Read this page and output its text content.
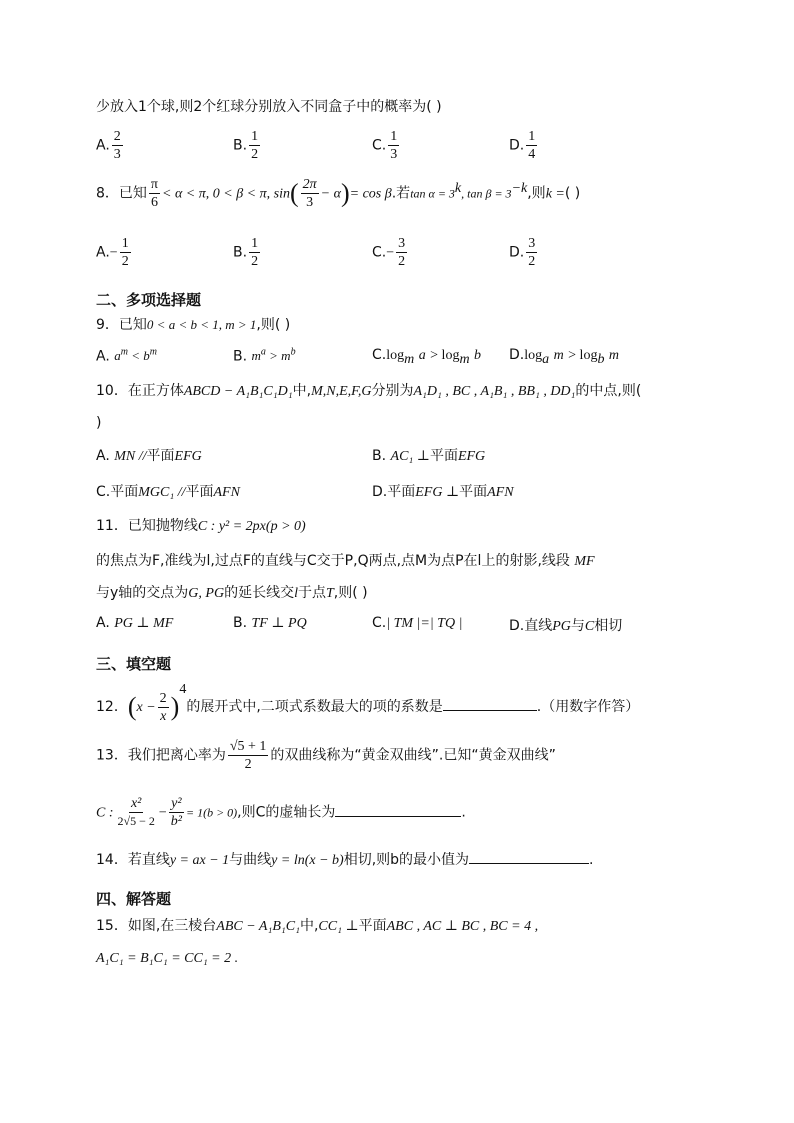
少放入1个球,则2个红球分别放入不同盒子中的概率为( )
A. $\frac{2}{3}$	B. $\frac{1}{2}$	C. $\frac{1}{3}$	D. $\frac{1}{4}$
8．已知 $\frac{\pi}{6} < \alpha < \pi$, 0 < β < π, $\sin( \frac{2\pi}{3} - \alpha)= \cos \beta$.若$\tan \alpha = 3^k$, $\tan \beta = 3^{-k}$,则k =( )
$A.- \frac{1}{2}$	B. $\frac{1}{2}$	$C.- \frac{3}{2}$	D. $\frac{3}{2}$
二、多项选择题
9．已知0 < a < b < 1, m > 1,则( )
A. $a^m < b^m$	B. $m^a > m^b$	$C.\log_m$ $a > \log_m b$ $D.\log_a$ $m > \log_b m$
10．在正方体ABCD − A₁B₁C₁D₁中,M,N,E,F,G分别为A₁D₁ , BC , A₁B₁ , BB₁ , DD₁的中点,则(
)
A. MN //平面EFG	B. AC₁ ⊥平面EFG
C.平面MGC₁ //平面AFN	D.平面EFG ⊥平面AFN
11．已知抛物线C : y² = 2px(p > 0)
的焦点为F,准线为l,过点F的直线与C交于P,Q两点,点M为点P在l上的射影,线段 MF
与y轴的交点为G, PG的延长线交l于点T,则( )
A. PG ⊥ MF	B. TF ⊥ PQ	C.| TM |=| TQ |	D.直线PG与C相切
三、填空题
12．$(x - \frac{2}{x} )^4$的展开式中,二项式系数最大的项的系数是	.（用数字作答）
13．我们把离心率为 $\frac{√5 + 1}{2}$ 的双曲线称为“黄金双曲线”.已知“黄金双曲线”
C : $\frac{\text{x²}}{2√5 - 2} - \frac{\text{y²}}{\text{b²}} = 1(b > 0)$,则C的虚轴长为	.
14．若直线y = ax − 1与曲线y = ln(x − b)相切,则b的最小值为	.
四、解答题
15．如图,在三棱台ABC − A₁B₁C₁中,CC₁ ⊥平面ABC , AC ⊥ BC , BC = 4 ,
A₁C₁ = B₁C₁ = CC₁ = 2 .
